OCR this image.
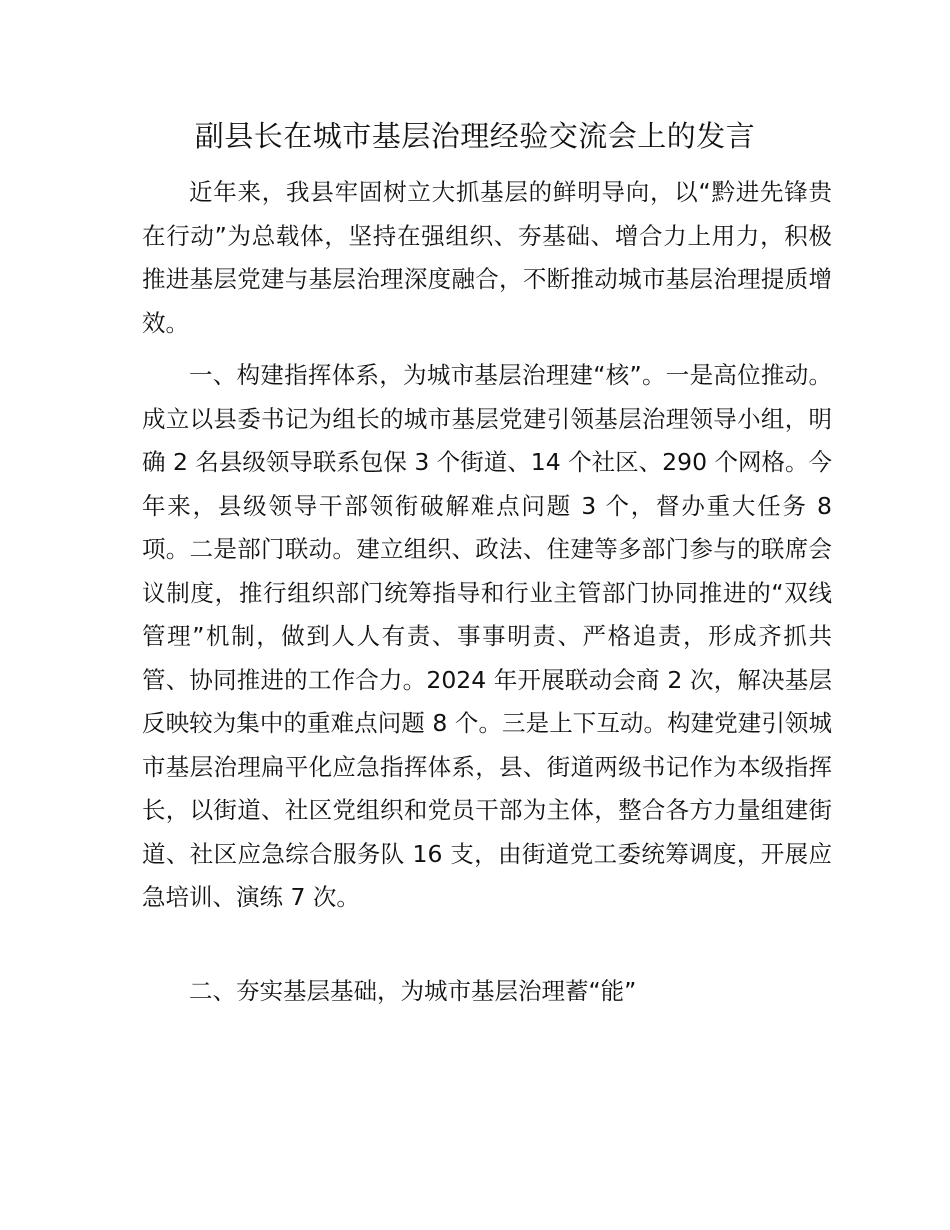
副县长在城市基层治理经验交流会上的发言

近年来，我县牢固树立大抓基层的鲜明导向，以“黔进先锋贵在行动”为总载体，坚持在强组织、夯基础、增合力上用力，积极推进基层党建与基层治理深度融合，不断推动城市基层治理提质增效。

一、构建指挥体系，为城市基层治理建“核”。一是高位推动。成立以县委书记为组长的城市基层党建引领基层治理领导小组，明确 2 名县级领导联系包保 3 个街道、14 个社区、290 个网格。今年来，县级领导干部领衔破解难点问题 3 个，督办重大任务 8 项。二是部门联动。建立组织、政法、住建等多部门参与的联席会议制度，推行组织部门统筹指导和行业主管部门协同推进的“双线管理”机制，做到人人有责、事事明责、严格追责，形成齐抓共管、协同推进的工作合力。2024 年开展联动会商 2 次，解决基层反映较为集中的重难点问题 8 个。三是上下互动。构建党建引领城市基层治理扁平化应急指挥体系，县、街道两级书记作为本级指挥长，以街道、社区党组织和党员干部为主体，整合各方力量组建街道、社区应急综合服务队 16 支，由街道党工委统筹调度，开展应急培训、演练 7 次。

二、夯实基层基础，为城市基层治理蓄“能”
